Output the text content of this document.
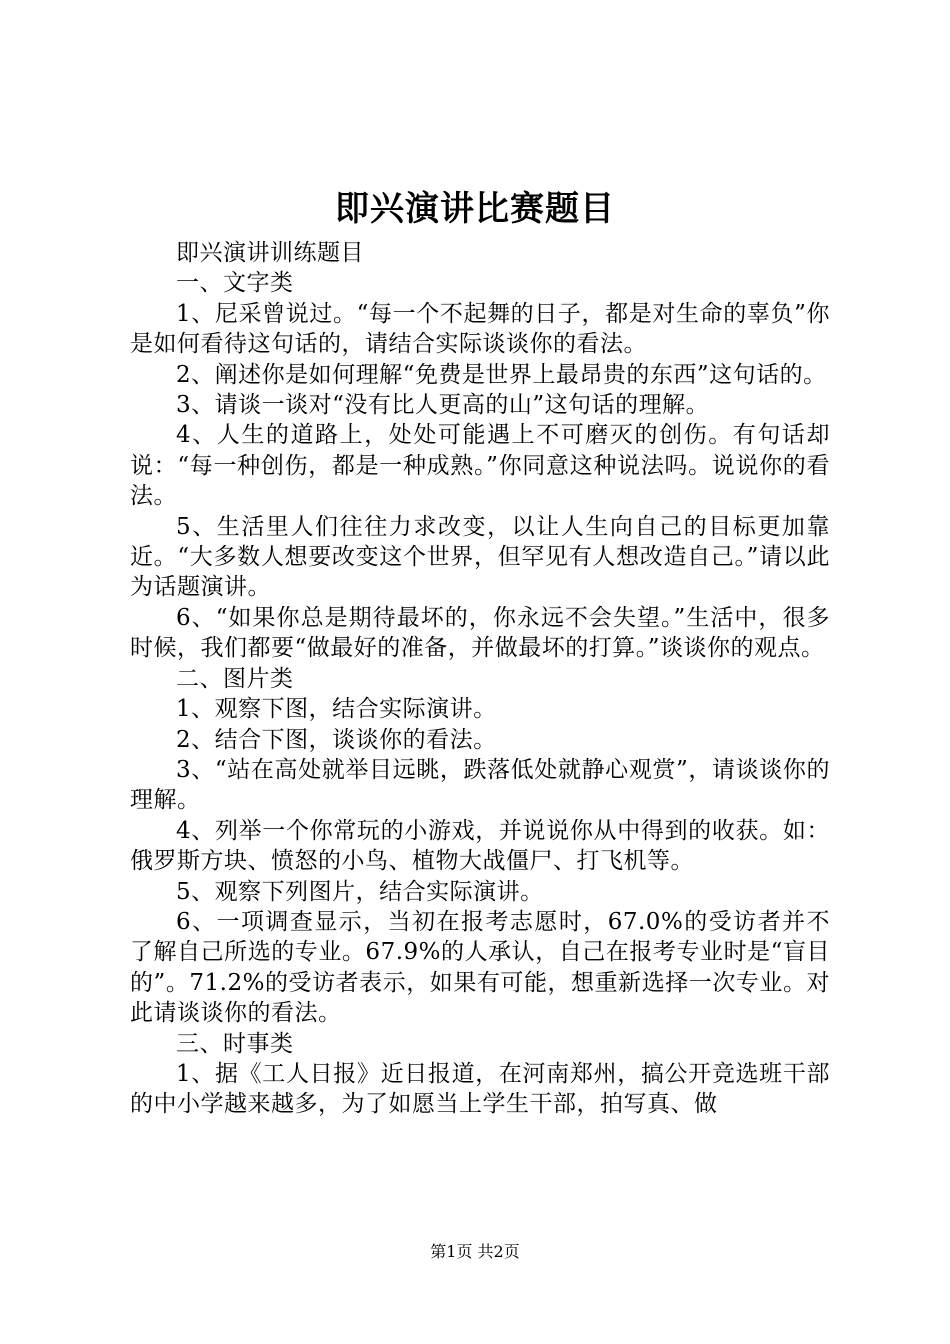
即兴演讲比赛题目

即兴演讲训练题目

一、文字类

1、尼采曾说过。“每一个不起舞的日子，都是对生命的辜负”你是如何看待这句话的，请结合实际谈谈你的看法。

2、阐述你是如何理解“免费是世界上最昂贵的东西”这句话的。

3、请谈一谈对“没有比人更高的山”这句话的理解。

4、人生的道路上，处处可能遇上不可磨灭的创伤。有句话却说：“每一种创伤，都是一种成熟。”你同意这种说法吗。说说你的看法。

5、生活里人们往往力求改变，以让人生向自己的目标更加靠近。“大多数人想要改变这个世界，但罕见有人想改造自己。”请以此为话题演讲。

6、“如果你总是期待最坏的，你永远不会失望。”生活中，很多时候，我们都要“做最好的准备，并做最坏的打算。”谈谈你的观点。

二、图片类

1、观察下图，结合实际演讲。

2、结合下图，谈谈你的看法。

3、“站在高处就举目远眺，跌落低处就静心观赏”，请谈谈你的理解。

4、列举一个你常玩的小游戏，并说说你从中得到的收获。如：俄罗斯方块、愤怒的小鸟、植物大战僵尸、打飞机等。

5、观察下列图片，结合实际演讲。

6、一项调查显示，当初在报考志愿时，67.0%的受访者并不了解自己所选的专业。67.9%的人承认，自己在报考专业时是“盲目的”。71.2%的受访者表示，如果有可能，想重新选择一次专业。对此请谈谈你的看法。

三、时事类

1、据《工人日报》近日报道，在河南郑州，搞公开竞选班干部的中小学越来越多，为了如愿当上学生干部，拍写真、做

第1页 共2页
